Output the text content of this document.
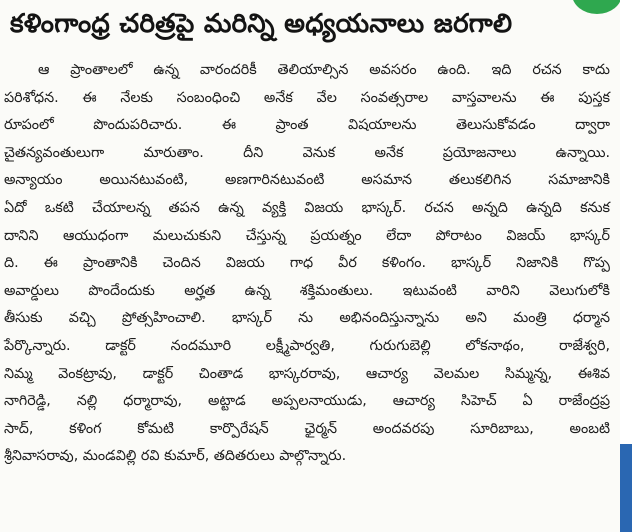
కళింగాంధ్ర చరిత్రపై మరిన్ని అధ్యయనాలు జరగాలి
ఆ ప్రాంతాలలో ఉన్న వారందరికీ తెలియాల్సిన అవసరం ఉంది. ఇది రచన కాదు
పరిశోధన. ఈ నేలకు సంబంధించి అనేక వేల సంవత్సరాల వాస్తవాలను ఈ పుస్తక
రూపంలో పొందుపరిచారు. ఈ ప్రాంత విషయాలను తెలుసుకోవడం ద్వారా
చైతన్యవంతులుగా మారుతాం. దీని వెనుక అనేక ప్రయోజనాలు ఉన్నాయి.
అన్యాయం అయినటువంటి, అణగారినటువంటి అసమాన తలుకలిగిన సమాజానికి
ఏదో ఒకటి చేయాలన్న తపన ఉన్న వ్యక్తి విజయ భాస్కర్. రచన అన్నది ఉన్నది కనుక
దానిని ఆయుధంగా మలుచుకుని చేస్తున్న ప్రయత్నం లేదా పోరాటం విజయ్ భాస్కర్
ది. ఈ ప్రాంతానికి చెందిన విజయ గాధ వీర కళింగం. భాస్కర్ నిజానికి గొప్ప
అవార్డులు పొందేందుకు అర్హత ఉన్న శక్తిమంతులు. ఇటువంటి వారిని వెలుగులోకి
తీసుకు వచ్చి ప్రోత్సహించాలి. భాస్కర్ ను అభినందిస్తున్నాను అని మంత్రి ధర్మాన
పేర్కొన్నారు. డాక్టర్ నందమూరి లక్ష్మీపార్వతి, గురుగుబెల్లి లోకనాథం, రాజేశ్వరి,
నిమ్మ వెంకట్రావు, డాక్టర్ చింతాడ భాస్కరరావు, ఆచార్య వెలమల సిమ్మన్న, ఈశివ
నాగిరెడ్డి, నల్లి ధర్మారావు, అట్టాడ అప్పలనాయుడు, ఆచార్య సిహెచ్ ఏ రాజేంద్రప్ర
సాద్, కళింగ కోమటి కార్పొరేషన్ ఛైర్మన్ అందవరపు సూరిబాబు, అంబటి
శ్రీనివాసరావు, మండవిల్లి రవి కుమార్, తదితరులు పాల్గొన్నారు.
